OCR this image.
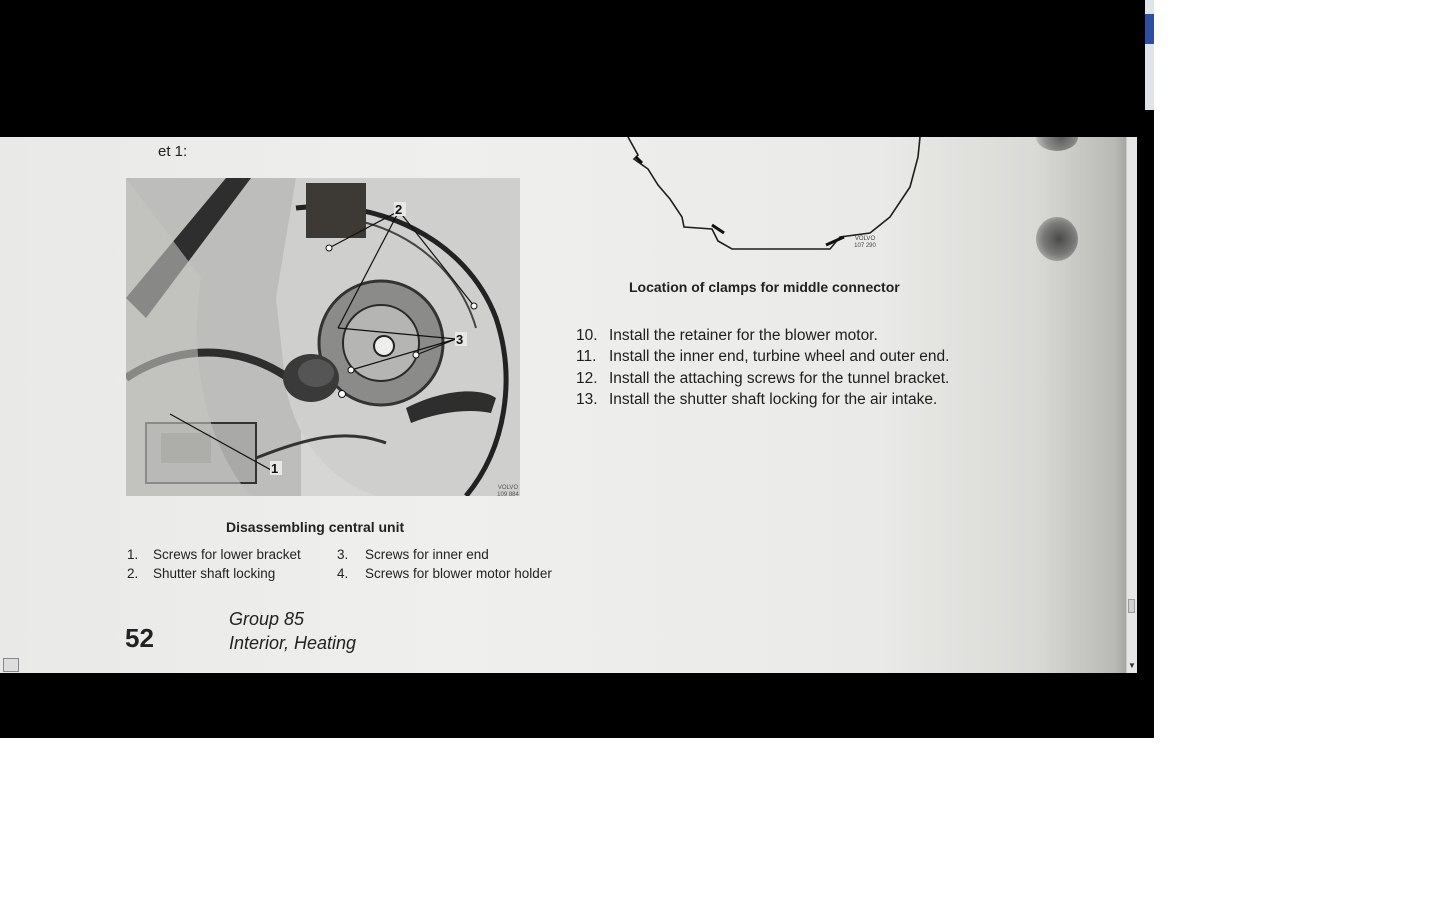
et 1:
2
3
1
VOLVO 109 884
Disassembling central unit
1.	Screws for lower bracket	3.	Screws for inner end
2.	Shutter shaft locking	4.	Screws for blower motor holder
52
Group 85
Interior, Heating
VOLVO 107 290
Location of clamps for middle connector
10. Install the retainer for the blower motor.
11. Install the inner end, turbine wheel and outer end.
12. Install the attaching screws for the tunnel bracket.
13. Install the shutter shaft locking for the air intake.
▼
